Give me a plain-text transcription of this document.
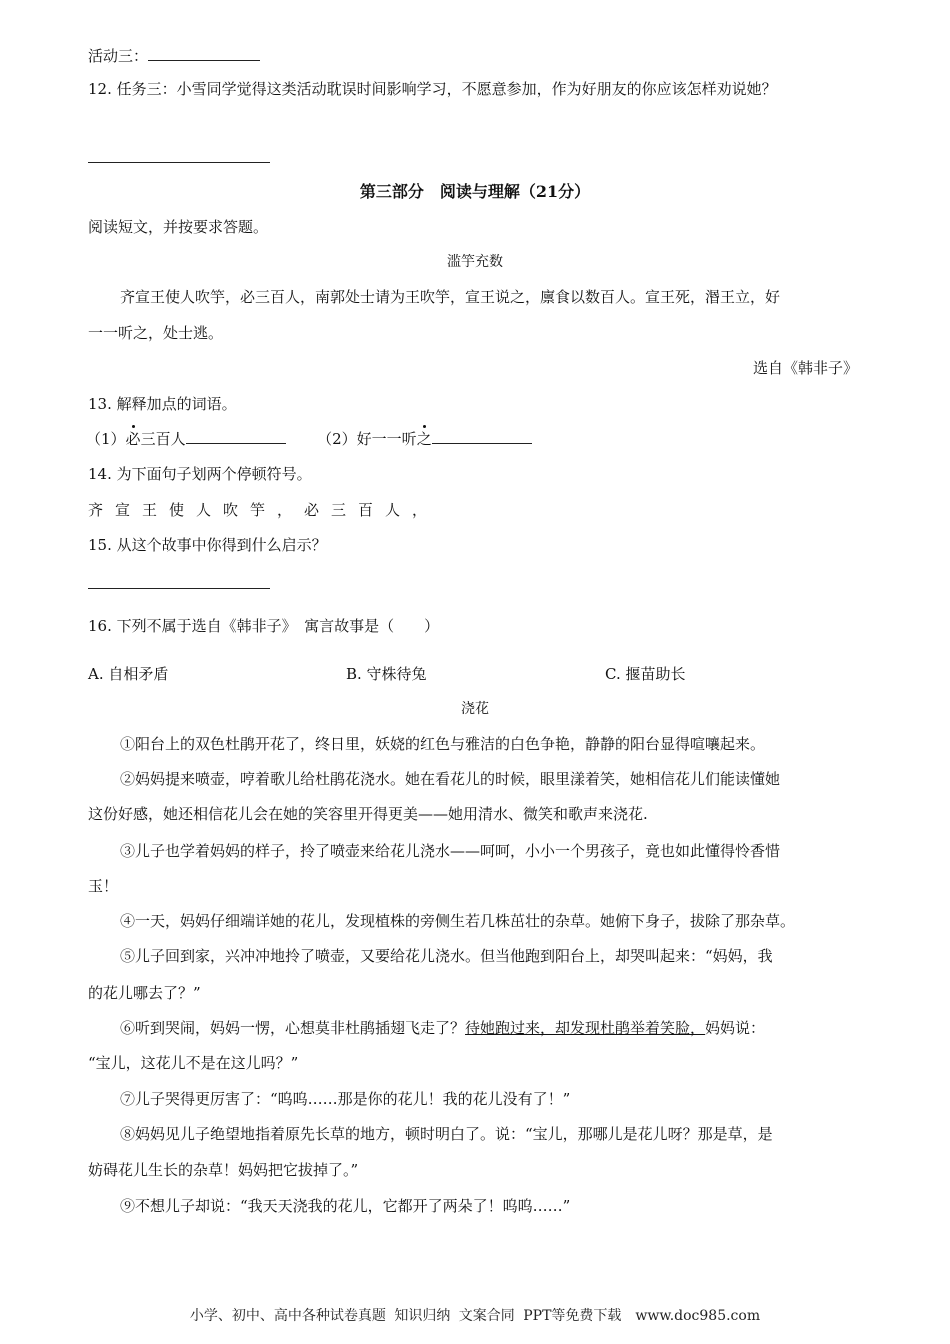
活动三：
12. 任务三：小雪同学觉得这类活动耽误时间影响学习，不愿意参加，作为好朋友的你应该怎样劝说她？
第三部分　阅读与理解（21分）
阅读短文，并按要求答题。
滥竽充数
齐宣王使人吹竽，必三百人，南郭处士请为王吹竽，宣王说之，廪食以数百人。宣王死，湣王立，好
一一听之，处士逃。
选自《韩非子》
13. 解释加点的词语。
（1）必三百人	（2）好一一听之
14. 为下面句子划两个停顿符号。
齐宣王使人吹竽，必三百人，
15. 从这个故事中你得到什么启示？
16. 下列不属于选自《韩非子》　寓言故事是（　　）
A. 自相矛盾	B. 守株待兔	C. 揠苗助长
浇花
①阳台上的双色杜鹃开花了，终日里，妖娆的红色与雅洁的白色争艳，静静的阳台显得喧嚷起来。
②妈妈提来喷壶，哼着歌儿给杜鹃花浇水。她在看花儿的时候，眼里漾着笑，她相信花儿们能读懂她
这份好感，她还相信花儿会在她的笑容里开得更美——她用清水、微笑和歌声来浇花.
③儿子也学着妈妈的样子，拎了喷壶来给花儿浇水——呵呵，小小一个男孩子，竟也如此懂得怜香惜
玉！
④一天，妈妈仔细端详她的花儿，发现植株的旁侧生若几株茁壮的杂草。她俯下身子，拔除了那杂草。
⑤儿子回到家，兴冲冲地拎了喷壶，又要给花儿浇水。但当他跑到阳台上，却哭叫起来：“妈妈，我
的花儿哪去了？”
⑥听到哭闹，妈妈一愣，心想莫非杜鹃插翅飞走了？待她跑过来，却发现杜鹃举着笑脸，妈妈说：
“宝儿，这花儿不是在这儿吗？”
⑦儿子哭得更厉害了：“呜呜……那是你的花儿！我的花儿没有了！”
⑧妈妈见儿子绝望地指着原先长草的地方，顿时明白了。说：“宝儿，那哪儿是花儿呀？那是草，是
妨碍花儿生长的杂草！妈妈把它拔掉了。”
⑨不想儿子却说：“我天天浇我的花儿，它都开了两朵了！呜呜……”
小学、初中、高中各种试卷真题 知识归纳 文案合同 PPT等免费下载　www.doc985.com
